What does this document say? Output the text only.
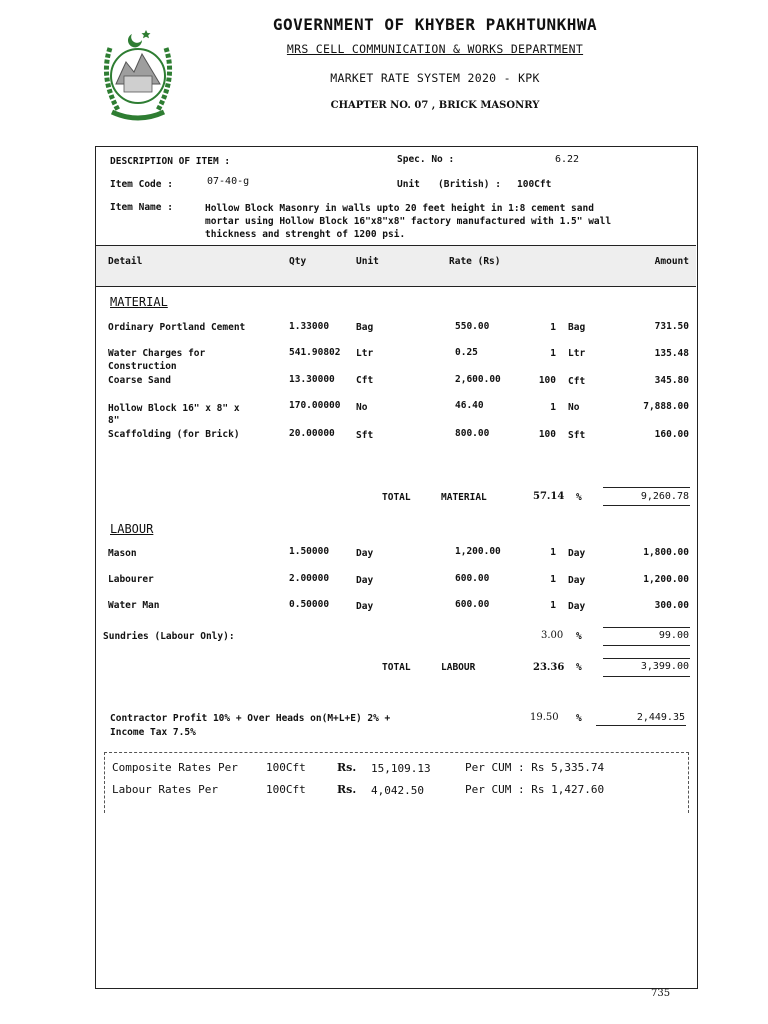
GOVERNMENT OF KHYBER PAKHTUNKHWA
MRS CELL COMMUNICATION & WORKS DEPARTMENT
MARKET RATE SYSTEM 2020 - KPK
CHAPTER NO. 07 , BRICK MASONRY
DESCRIPTION OF ITEM :	Spec. No :	6.22
Item Code :	07-40-g	Unit (British) : 100Cft
Item Name :	Hollow Block Masonry in walls upto 20 feet height in 1:8 cement sand
mortar using Hollow Block 16"x8"x8" factory manufactured with 1.5" wall
thickness and strenght of 1200 psi.
Detail	Qty	Unit	Rate (Rs)	Amount
MATERIAL
Ordinary Portland Cement	1.33000	Bag	550.00	1 Bag	731.50
Water Charges for
Construction
541.90802 Ltr	0.25	1 Ltr	135.48
Coarse Sand	13.30000 Cft	2,600.00	100 Cft	345.80
Hollow Block 16" x 8" x
8"
170.00000 No	46.40	1 No	7,888.00
Scaffolding (for Brick)	20.00000 Sft	800.00	100 Sft	160.00
TOTAL	MATERIAL	57.14 %	9,260.78
LABOUR
Mason	1.50000	Day	1,200.00	1 Day	1,800.00
Labourer	2.00000	Day	600.00	1 Day	1,200.00
Water Man	0.50000	Day	600.00	1 Day	300.00
Sundries (Labour Only):	3.00 %	99.00
TOTAL	LABOUR	23.36 %	3,399.00
Contractor Profit 10% + Over Heads on(M+L+E) 2% +
Income Tax 7.5%
19.50 %	2,449.35
Composite Rates Per	100Cft	Rs. 15,109.13	Per CUM : Rs 5,335.74
Labour Rates Per	100Cft	Rs. 4,042.50	Per CUM : Rs 1,427.60
735
